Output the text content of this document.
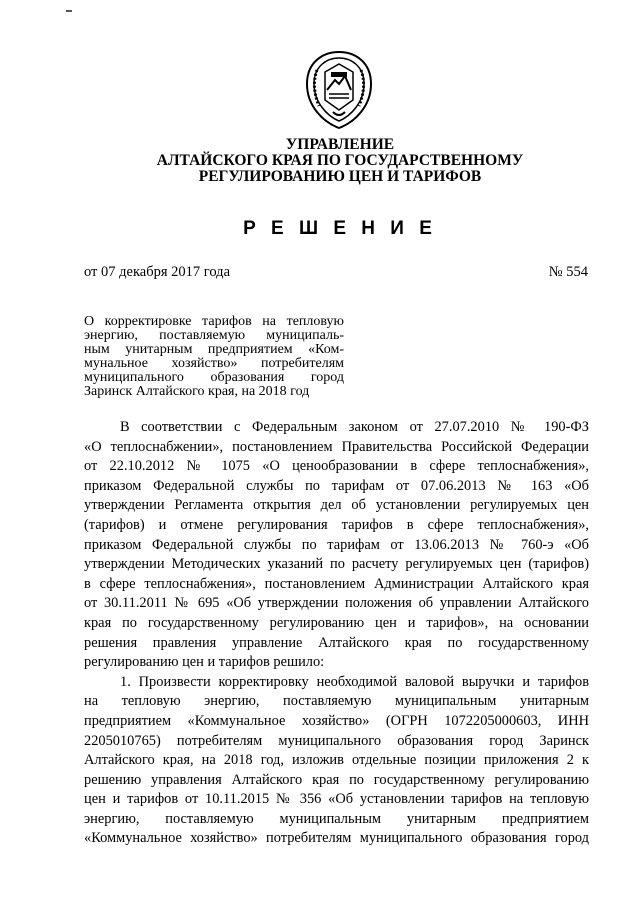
УПРАВЛЕНИЕ
АЛТАЙСКОГО КРАЯ ПО ГОСУДАРСТВЕННОМУ
РЕГУЛИРОВАНИЮ ЦЕН И ТАРИФОВ
Р Е Ш Е Н И Е
от 07 декабря 2017 года	№ 554
О корректировке тарифов на тепловую
энергию, поставляемую муниципаль-
ным унитарным предприятием «Ком-
мунальное хозяйство» потребителям
муниципального образования город
Заринск Алтайского края, на 2018 год
В соответствии с Федеральным законом от 27.07.2010 № 190-ФЗ
«О теплоснабжении», постановлением Правительства Российской Федерации
от 22.10.2012 № 1075 «О ценообразовании в сфере теплоснабжения»,
приказом Федеральной службы по тарифам от 07.06.2013 № 163 «Об
утверждении Регламента открытия дел об установлении регулируемых цен
(тарифов) и отмене регулирования тарифов в сфере теплоснабжения»,
приказом Федеральной службы по тарифам от 13.06.2013 № 760-э «Об
утверждении Методических указаний по расчету регулируемых цен (тарифов)
в сфере теплоснабжения», постановлением Администрации Алтайского края
от 30.11.2011 № 695 «Об утверждении положения об управлении Алтайского
края по государственному регулированию цен и тарифов», на основании
решения правления управление Алтайского края по государственному
регулированию цен и тарифов решило:
1. Произвести корректировку необходимой валовой выручки и тарифов
на тепловую энергию, поставляемую муниципальным унитарным
предприятием «Коммунальное хозяйство» (ОГРН 1072205000603, ИНН
2205010765) потребителям муниципального образования город Заринск
Алтайского края, на 2018 год, изложив отдельные позиции приложения 2 к
решению управления Алтайского края по государственному регулированию
цен и тарифов от 10.11.2015 № 356 «Об установлении тарифов на тепловую
энергию, поставляемую муниципальным унитарным предприятием
«Коммунальное хозяйство» потребителям муниципального образования город
